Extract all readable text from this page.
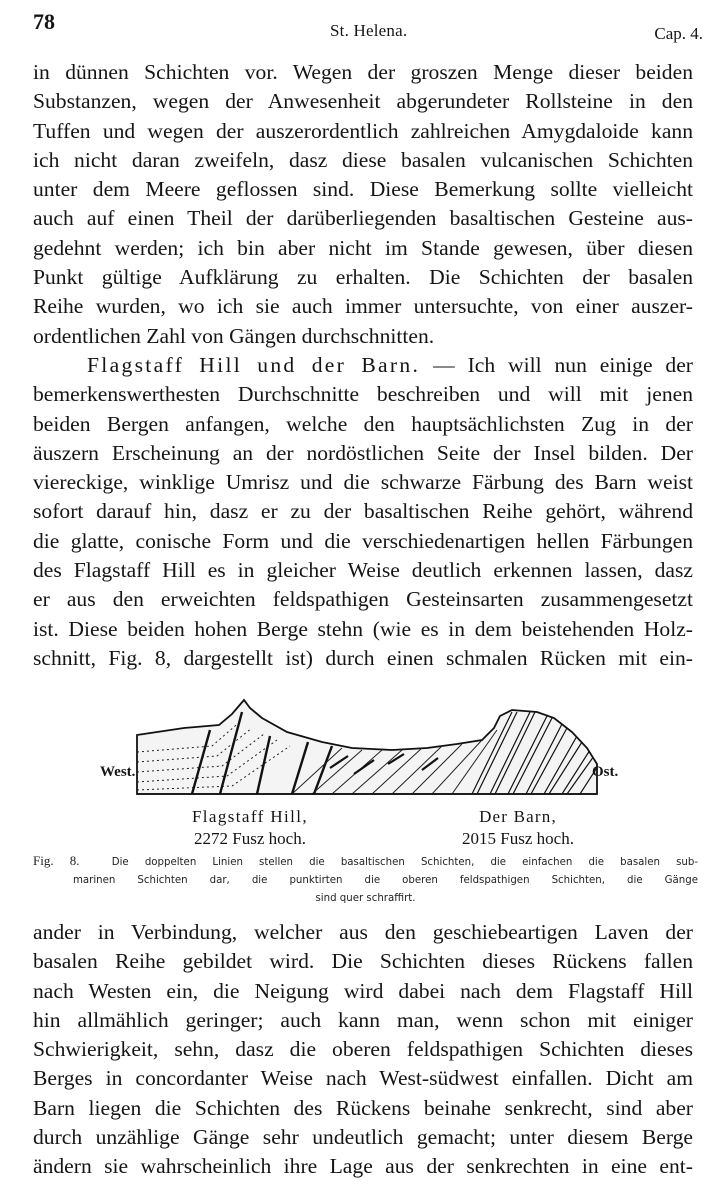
78	St. Helena.	Cap. 4.
in dünnen Schichten vor. Wegen der groszen Menge dieser beiden
Substanzen, wegen der Anwesenheit abgerundeter Rollsteine in den
Tuffen und wegen der auszerordentlich zahlreichen Amygdaloide kann
ich nicht daran zweifeln, dasz diese basalen vulcanischen Schichten
unter dem Meere geflossen sind. Diese Bemerkung sollte vielleicht
auch auf einen Theil der darüberliegenden basaltischen Gesteine aus-
gedehnt werden; ich bin aber nicht im Stande gewesen, über diesen
Punkt gültige Aufklärung zu erhalten. Die Schichten der basalen
Reihe wurden, wo ich sie auch immer untersuchte, von einer auszer-
ordentlichen Zahl von Gängen durchschnitten.
Flagstaff Hill und der Barn. — Ich will nun einige der
bemerkenswerthesten Durchschnitte beschreiben und will mit jenen
beiden Bergen anfangen, welche den hauptsächlichsten Zug in der
äuszern Erscheinung an der nordöstlichen Seite der Insel bilden. Der
viereckige, winklige Umrisz und die schwarze Färbung des Barn weist
sofort darauf hin, dasz er zu der basaltischen Reihe gehört, während
die glatte, conische Form und die verschiedenartigen hellen Färbungen
des Flagstaff Hill es in gleicher Weise deutlich erkennen lassen, dasz
er aus den erweichten feldspathigen Gesteinsarten zusammengesetzt
ist. Diese beiden hohen Berge stehn (wie es in dem beistehenden Holz-
schnitt, Fig. 8, dargestellt ist) durch einen schmalen Rücken mit ein-
West.	Ost.
Flagstaff Hill,
2272 Fusz hoch.
Der Barn,
2015 Fusz hoch.
Fig. 8.	Die doppelten Linien stellen die basaltischen Schichten, die einfachen die basalen sub-
marinen Schichten dar, die punktirten die oberen feldspathigen Schichten, die Gänge
sind quer schraffirt.
ander in Verbindung, welcher aus den geschiebeartigen Laven der
basalen Reihe gebildet wird. Die Schichten dieses Rückens fallen
nach Westen ein, die Neigung wird dabei nach dem Flagstaff Hill
hin allmählich geringer; auch kann man, wenn schon mit einiger
Schwierigkeit, sehn, dasz die oberen feldspathigen Schichten dieses
Berges in concordanter Weise nach West-südwest einfallen. Dicht am
Barn liegen die Schichten des Rückens beinahe senkrecht, sind aber
durch unzählige Gänge sehr undeutlich gemacht; unter diesem Berge
ändern sie wahrscheinlich ihre Lage aus der senkrechten in eine ent-
